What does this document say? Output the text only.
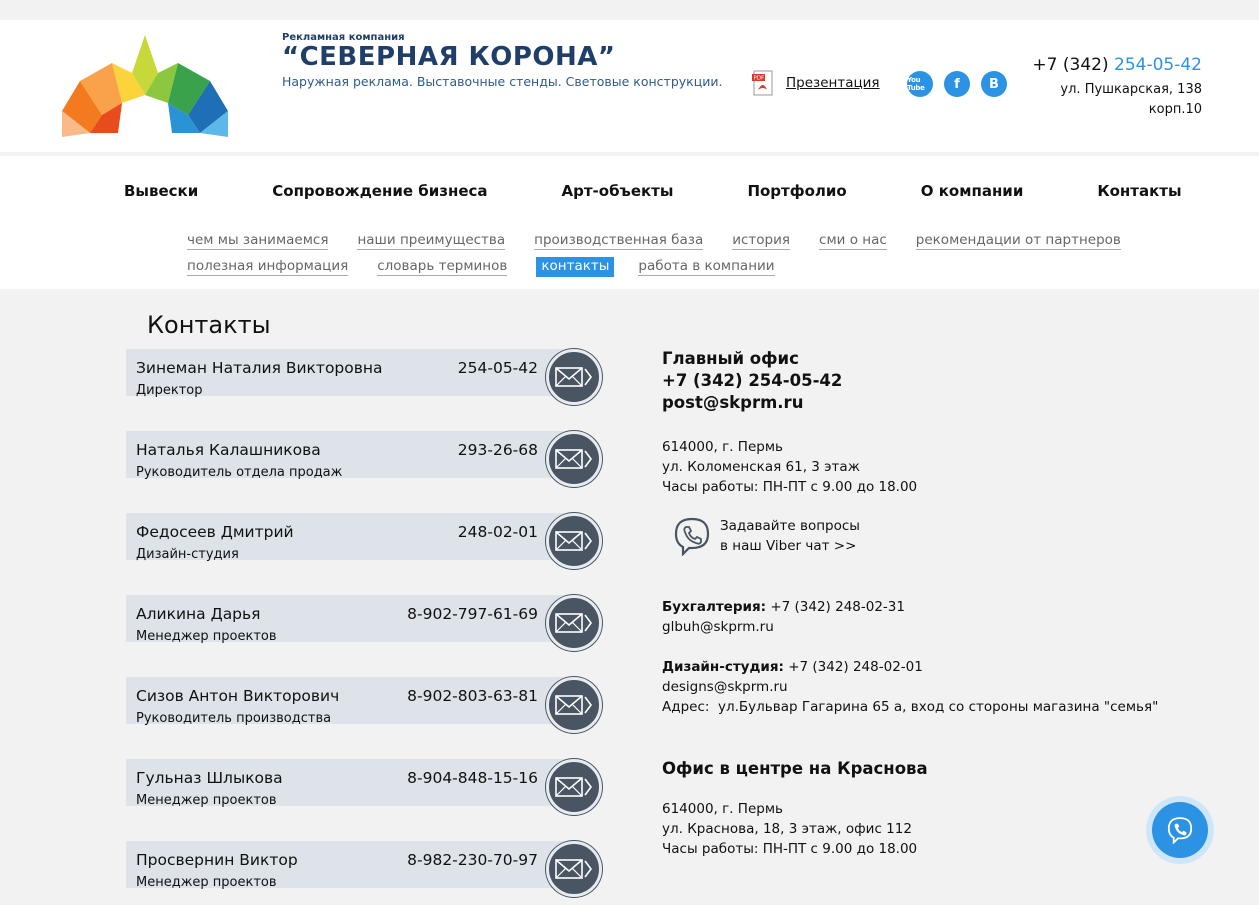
Рекламная компания
“СЕВЕРНАЯ КОРОНА”
Наружная реклама. Выставочные стенды. Световые конструкции.	PDF Презентация	You Tube	f	B
+7 (342) 254-05-42
ул. Пушкарская, 138
корп.10
Вывески	Сопровождение бизнеса	Арт-объекты	Портфолио	О компании	Контакты
чем мы занимаемся наши преимущества производственная база история сми о нас рекомендации от партнеров
полезная информация словарь терминов	контакты	работа в компании
Контакты
Зинеман Наталия Викторовна
Директор
254-05-42
Наталья Калашникова
Руководитель отдела продаж
293-26-68
Федосеев Дмитрий
Дизайн-студия
248-02-01
Аликина Дарья
Менеджер проектов
8-902-797-61-69
Сизов Антон Викторович
Руководитель производства
8-902-803-63-81
Гульназ Шлыкова
Менеджер проектов
8-904-848-15-16
Просвернин Виктор
Менеджер проектов
8-982-230-70-97
Главный офис
+7 (342) 254-05-42
post@skprm.ru
614000, г. Пермь
ул. Коломенская 61, 3 этаж
Часы работы: ПН-ПТ с 9.00 до 18.00
Задавайте вопросы
в наш Viber чат >>
Бухгалтерия: +7 (342) 248-02-31
glbuh@skprm.ru
Дизайн-студия: +7 (342) 248-02-01
designs@skprm.ru
Адрес:  ул.Бульвар Гагарина 65 а, вход со стороны магазина "семья"
Офис в центре на Краснова
614000, г. Пермь
ул. Краснова, 18, 3 этаж, офис 112
Часы работы: ПН-ПТ с 9.00 до 18.00
